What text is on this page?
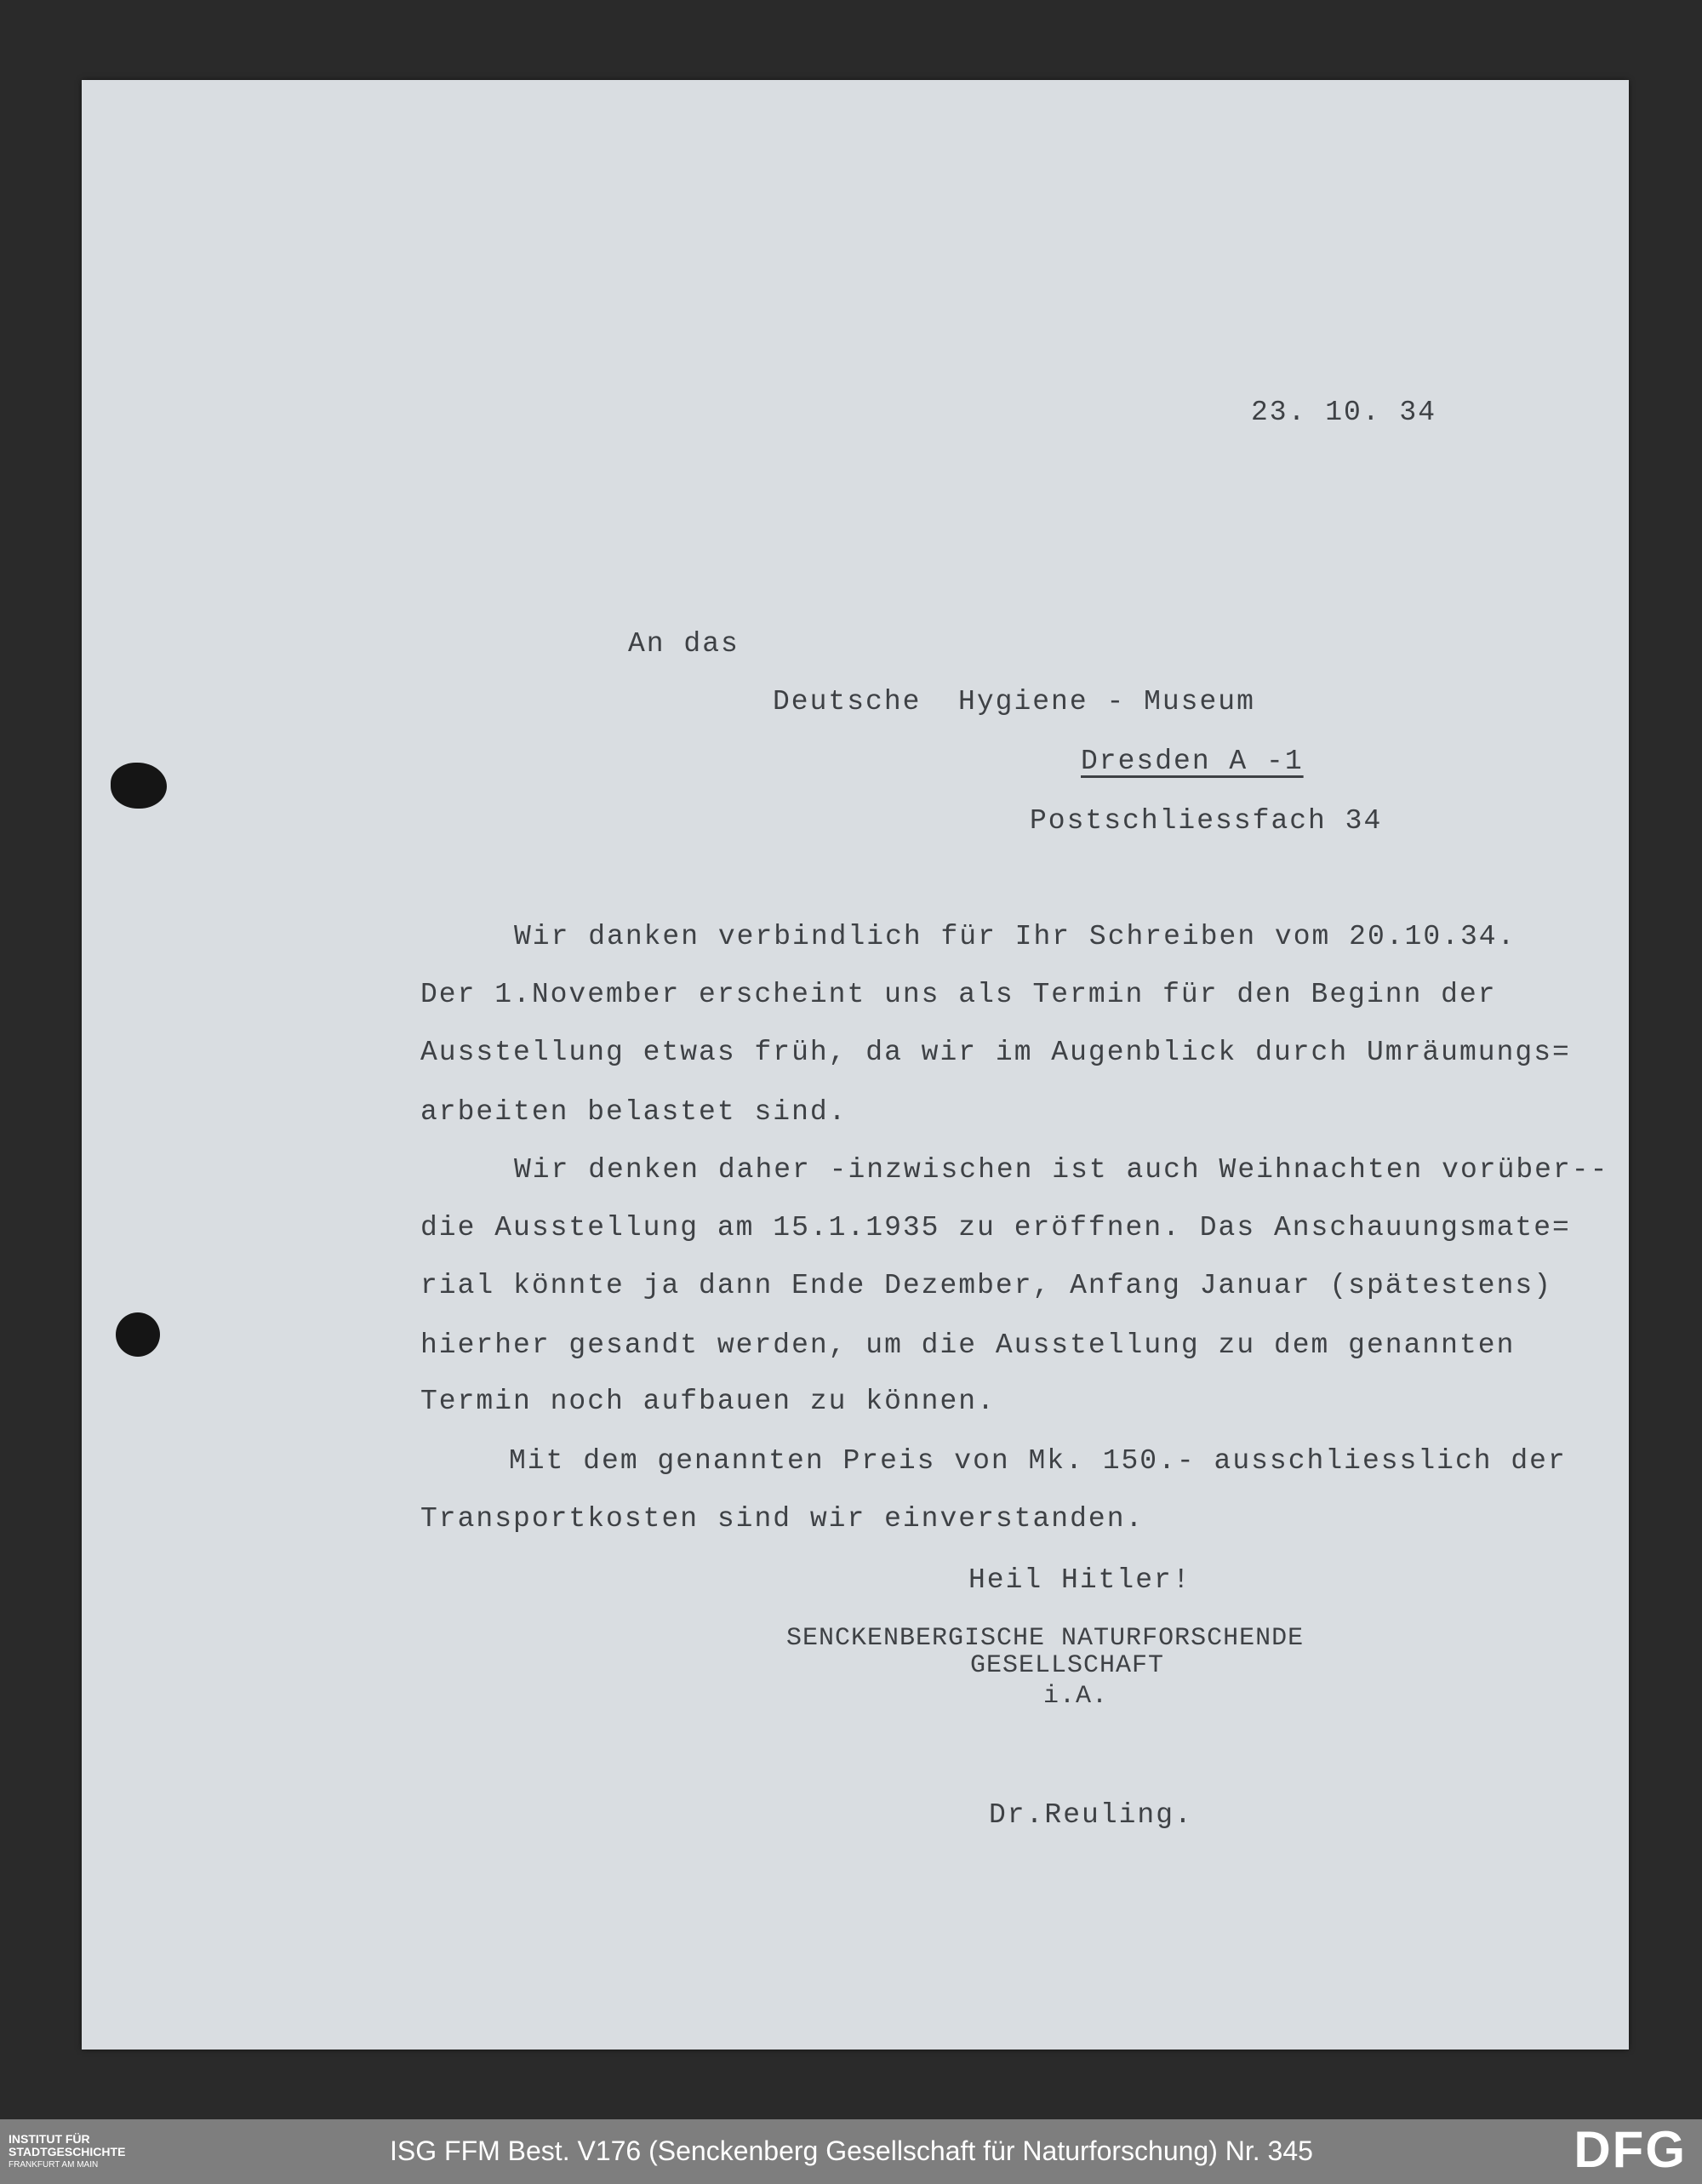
23. 10. 34
An das
Deutsche  Hygiene - Museum
Dresden A -1
Postschliessfach 34
Wir danken verbindlich für Ihr Schreiben vom 20.10.34.
Der 1.November erscheint uns als Termin für den Beginn der
Ausstellung etwas früh, da wir im Augenblick durch Umräumungs=
arbeiten belastet sind.
Wir denken daher -inzwischen ist auch Weihnachten vorüber--
die Ausstellung am 15.1.1935 zu eröffnen. Das Anschauungsmate=
rial könnte ja dann Ende Dezember, Anfang Januar (spätestens)
hierher gesandt werden, um die Ausstellung zu dem genannten
Termin noch aufbauen zu können.
Mit dem genannten Preis von Mk. 150.- ausschliesslich der
Transportkosten sind wir einverstanden.
Heil Hitler!
SENCKENBERGISCHE NATURFORSCHENDE
GESELLSCHAFT
i.A.
Dr.Reuling.
INSTITUT FÜR
STADTGESCHICHTE
FRANKFURT AM MAIN	ISG FFM Best. V176 (Senckenberg Gesellschaft für Naturforschung) Nr. 345	DFG
